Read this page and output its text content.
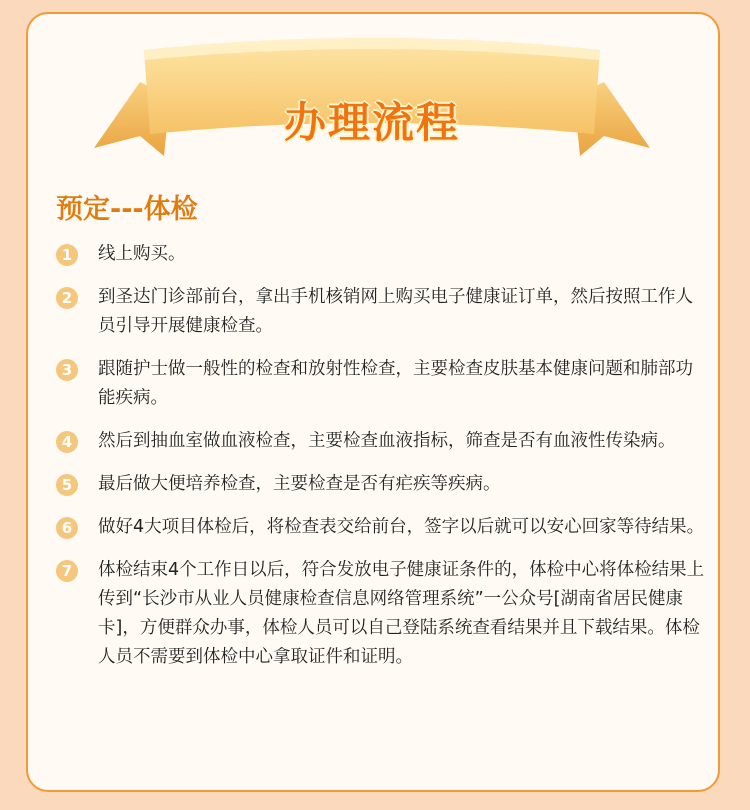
办理流程
预定---体检
1	线上购买。
2	到圣达门诊部前台，拿出手机核销网上购买电子健康证订单，然后按照工作人员引导开展健康检查。
3	跟随护士做一般性的检查和放射性检查，主要检查皮肤基本健康问题和肺部功能疾病。
4	然后到抽血室做血液检查，主要检查血液指标，筛查是否有血液性传染病。
5	最后做大便培养检查，主要检查是否有疟疾等疾病。
6	做好4大项目体检后，将检查表交给前台，签字以后就可以安心回家等待结果。
7	体检结束4个工作日以后，符合发放电子健康证条件的，体检中心将体检结果上传到“长沙市从业人员健康检查信息网络管理系统”一公众号[湖南省居民健康卡]，方便群众办事，体检人员可以自己登陆系统查看结果并且下载结果。体检人员不需要到体检中心拿取证件和证明。
